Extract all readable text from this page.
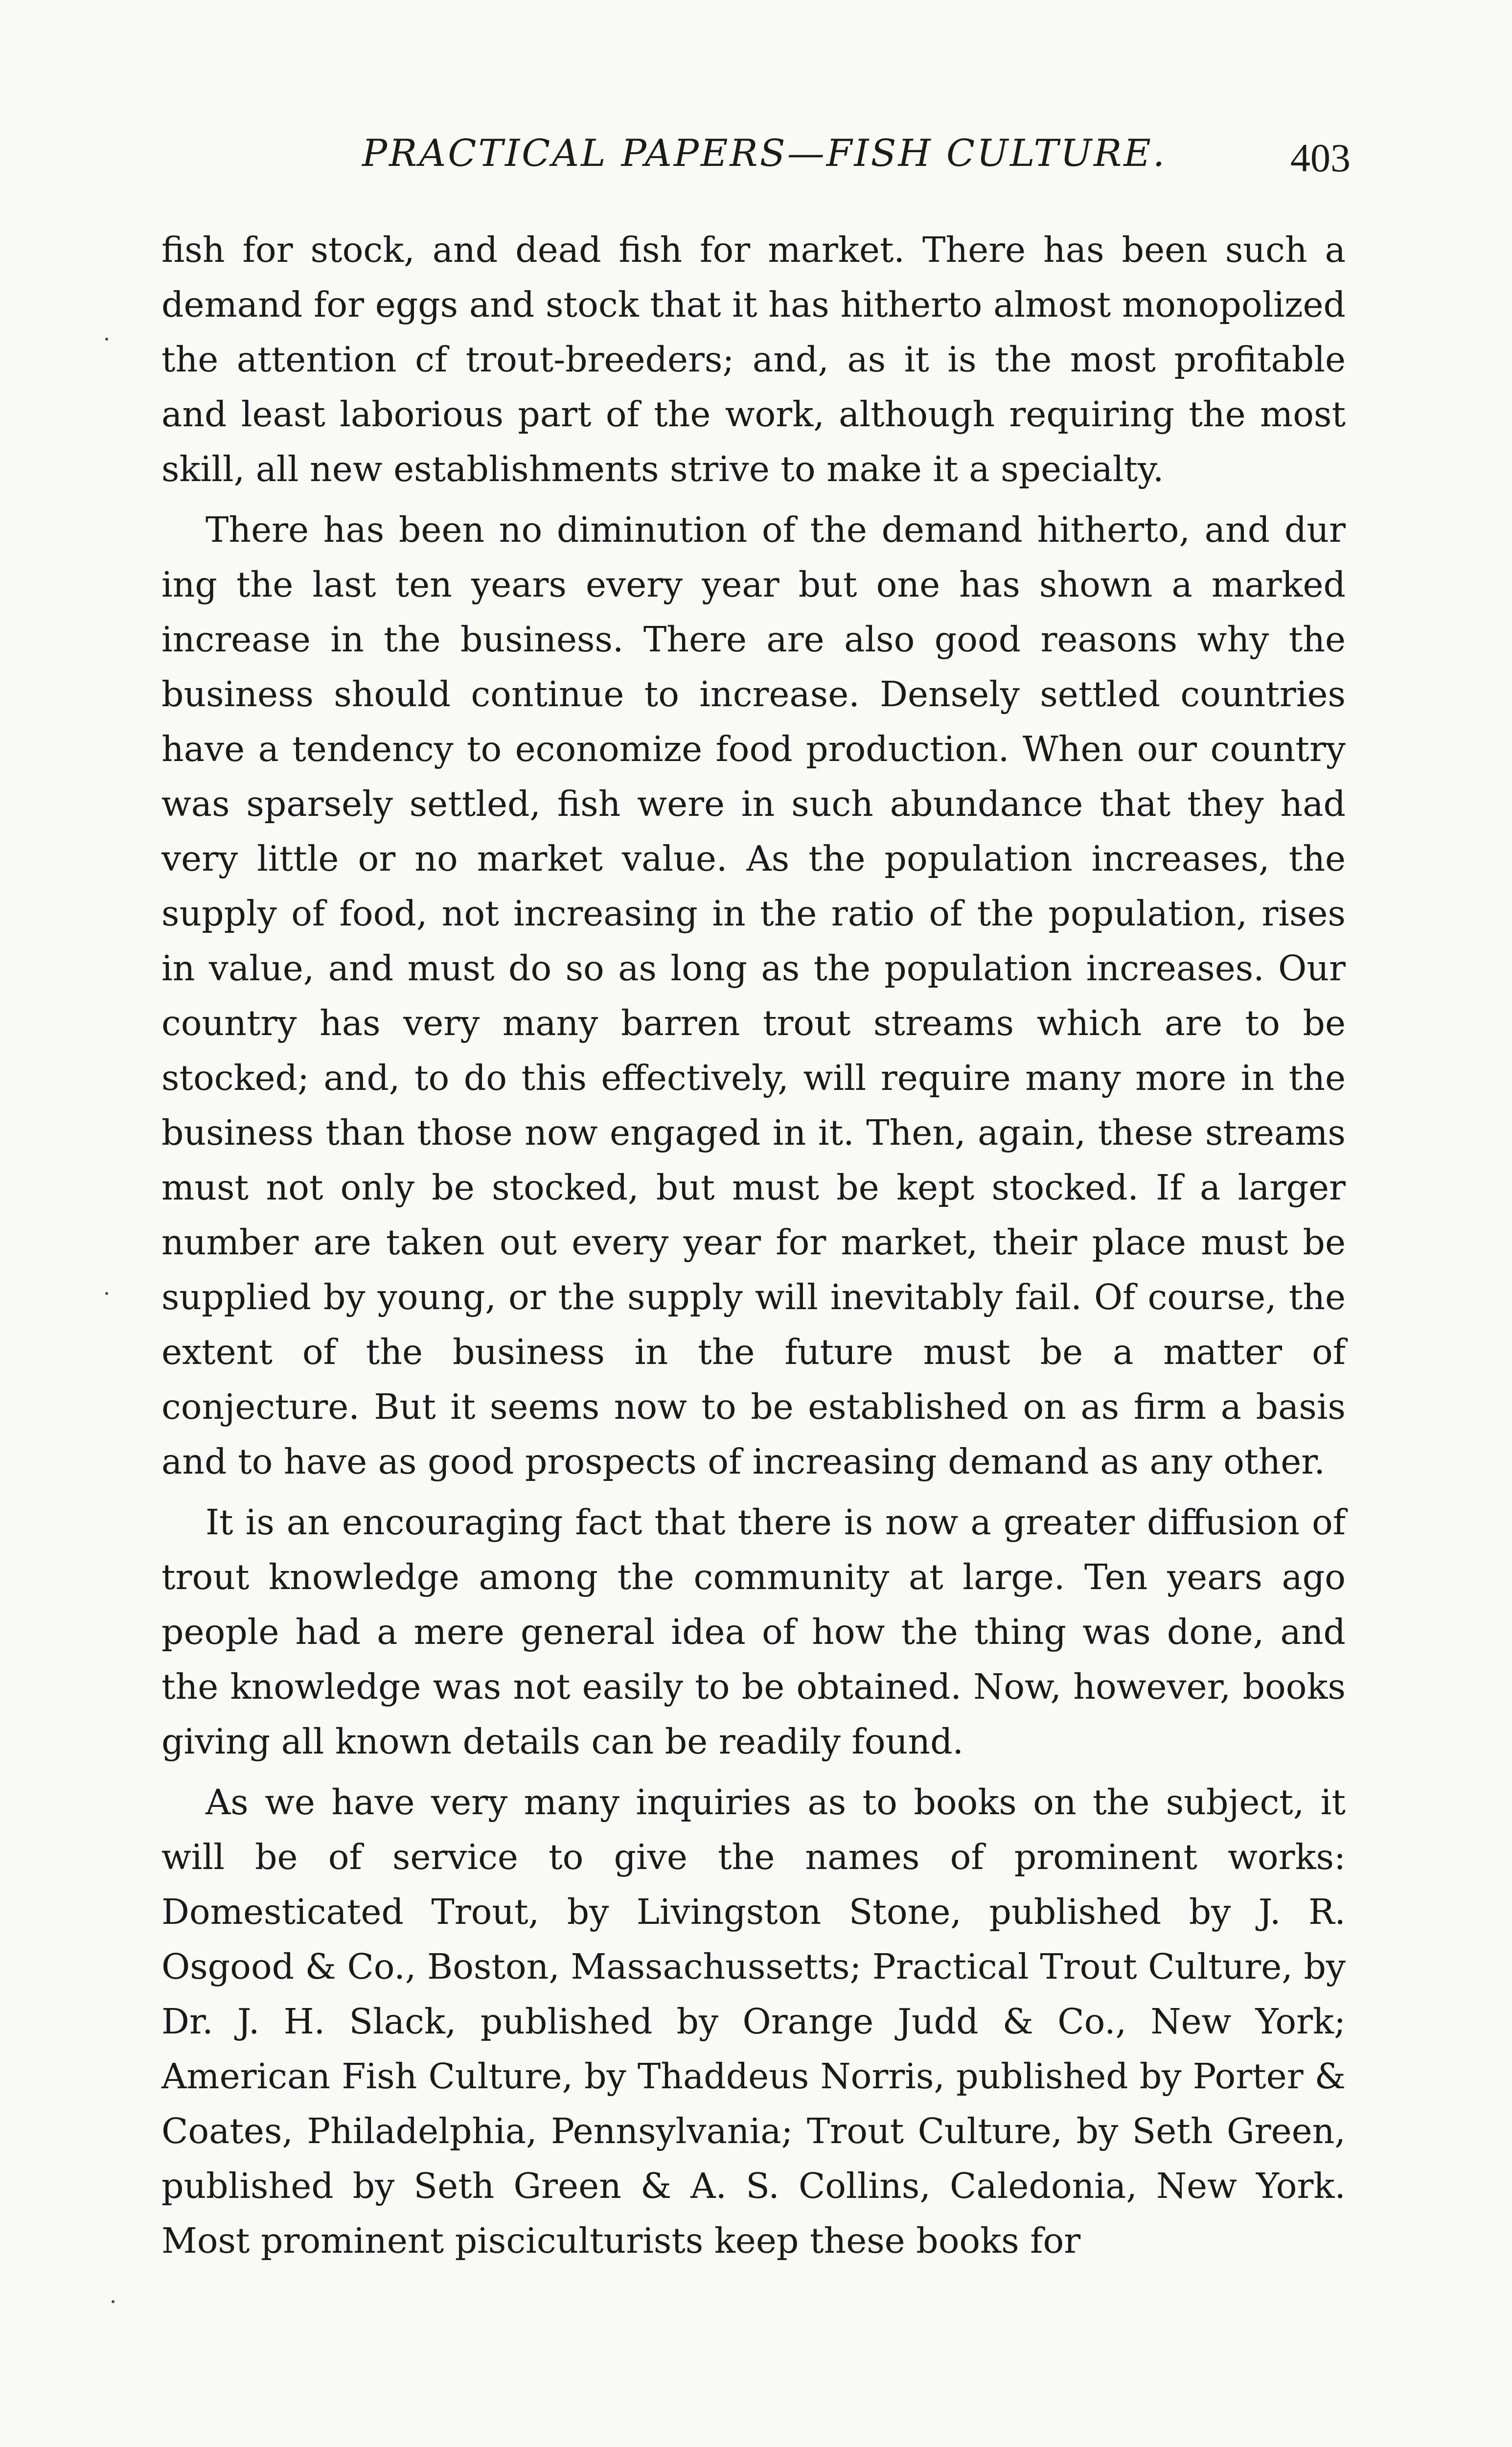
PRACTICAL PAPERS—FISH CULTURE.	403

fish for stock, and dead fish for market. There has been such a demand for eggs and stock that it has hitherto almost monopolized the attention cf trout-breeders; and, as it is the most profitable and least laborious part of the work, although requiring the most skill, all new establishments strive to make it a specialty.

There has been no diminution of the demand hitherto, and dur ing the last ten years every year but one has shown a marked increase in the business. There are also good reasons why the business should continue to increase. Densely settled countries have a tendency to economize food production. When our country was sparsely settled, fish were in such abundance that they had very little or no market value. As the population increases, the supply of food, not increasing in the ratio of the population, rises in value, and must do so as long as the population increases. Our country has very many barren trout streams which are to be stocked; and, to do this effectively, will require many more in the business than those now engaged in it. Then, again, these streams must not only be stocked, but must be kept stocked. If a larger number are taken out every year for market, their place must be supplied by young, or the supply will inevitably fail. Of course, the extent of the business in the future must be a matter of conjecture. But it seems now to be established on as firm a basis and to have as good prospects of increasing demand as any other.

It is an encouraging fact that there is now a greater diffusion of trout knowledge among the community at large. Ten years ago people had a mere general idea of how the thing was done, and the knowledge was not easily to be obtained. Now, however, books giving all known details can be readily found.

As we have very many inquiries as to books on the subject, it will be of service to give the names of prominent works: Domesticated Trout, by Livingston Stone, published by J. R. Osgood & Co., Boston, Massachussetts; Practical Trout Culture, by Dr. J. H. Slack, published by Orange Judd & Co., New York; American Fish Culture, by Thaddeus Norris, published by Porter & Coates, Philadelphia, Pennsylvania; Trout Culture, by Seth Green, published by Seth Green & A. S. Collins, Caledonia, New York. Most prominent pisciculturists keep these books for
